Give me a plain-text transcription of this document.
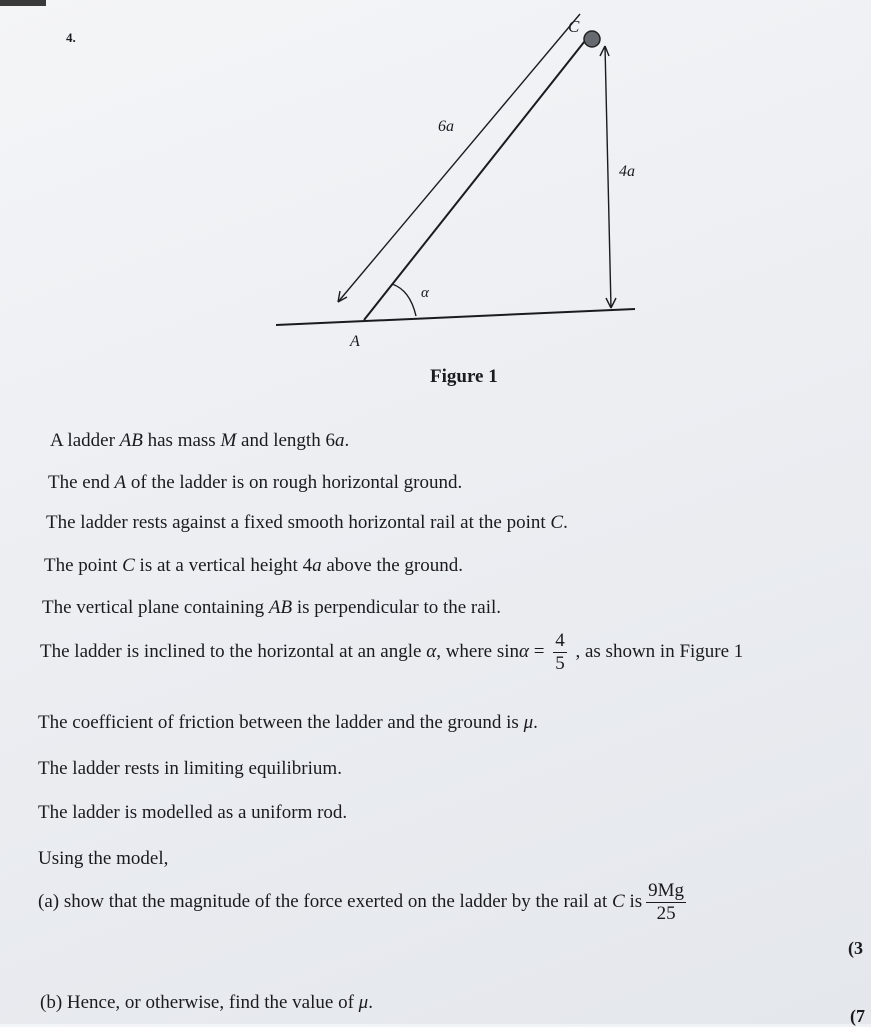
4.
C
6a
4a
α
A
Figure 1
A ladder AB has mass M and length 6a.
The end A of the ladder is on rough horizontal ground.
The ladder rests against a fixed smooth horizontal rail at the point C.
The point C is at a vertical height 4a above the ground.
The vertical plane containing AB is perpendicular to the rail.
The ladder is inclined to the horizontal at an angle α, where $\sin\alpha = \frac{4}{5}$ , as shown in Figure 1
The coefficient of friction between the ladder and the ground is μ.
The ladder rests in limiting equilibrium.
The ladder is modelled as a uniform rod.
Using the model,
(a) show that the magnitude of the force exerted on the ladder by the rail at C is $\frac{9Mg}{25}$
(3
(b) Hence, or otherwise, find the value of μ.
(7
